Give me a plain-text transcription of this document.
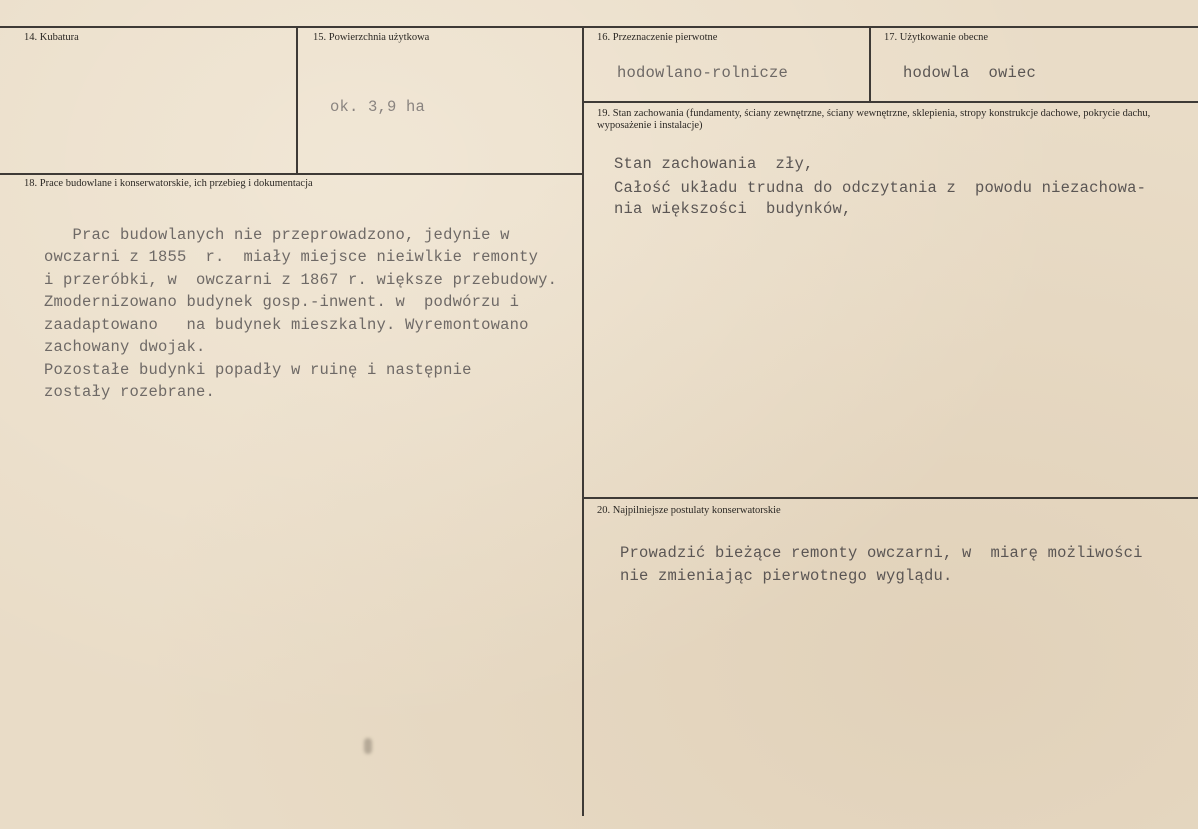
14. Kubatura	15. Powierzchnia użytkowa
ok. 3,9 ha
16. Przeznaczenie pierwotne
hodowlano-rolnicze
17. Użytkowanie obecne
hodowla  owiec
18. Prace budowlane i konserwatorskie, ich przebieg i dokumentacja
Prac budowlanych nie przeprowadzono, jedynie w
owczarni z 1855  r.  miały miejsce nieiwlkie remonty
i przeróbki, w  owczarni z 1867 r. większe przebudowy.
Zmodernizowano budynek gosp.-inwent. w  podwórzu i
zaadaptowano   na budynek mieszkalny. Wyremontowano
zachowany dwojak.
Pozostałe budynki popadły w ruinę i następnie
zostały rozebrane.
19. Stan zachowania (fundamenty, ściany zewnętrzne, ściany wewnętrzne, sklepienia, stropy konstrukcje dachowe, pokrycie dachu, wyposażenie i instalacje)
Stan zachowania  zły,
Całość układu trudna do odczytania z  powodu niezachowa-
nia większości  budynków,
20. Najpilniejsze postulaty konserwatorskie
Prowadzić bieżące remonty owczarni, w  miarę możliwości
nie zmieniając pierwotnego wyglądu.
